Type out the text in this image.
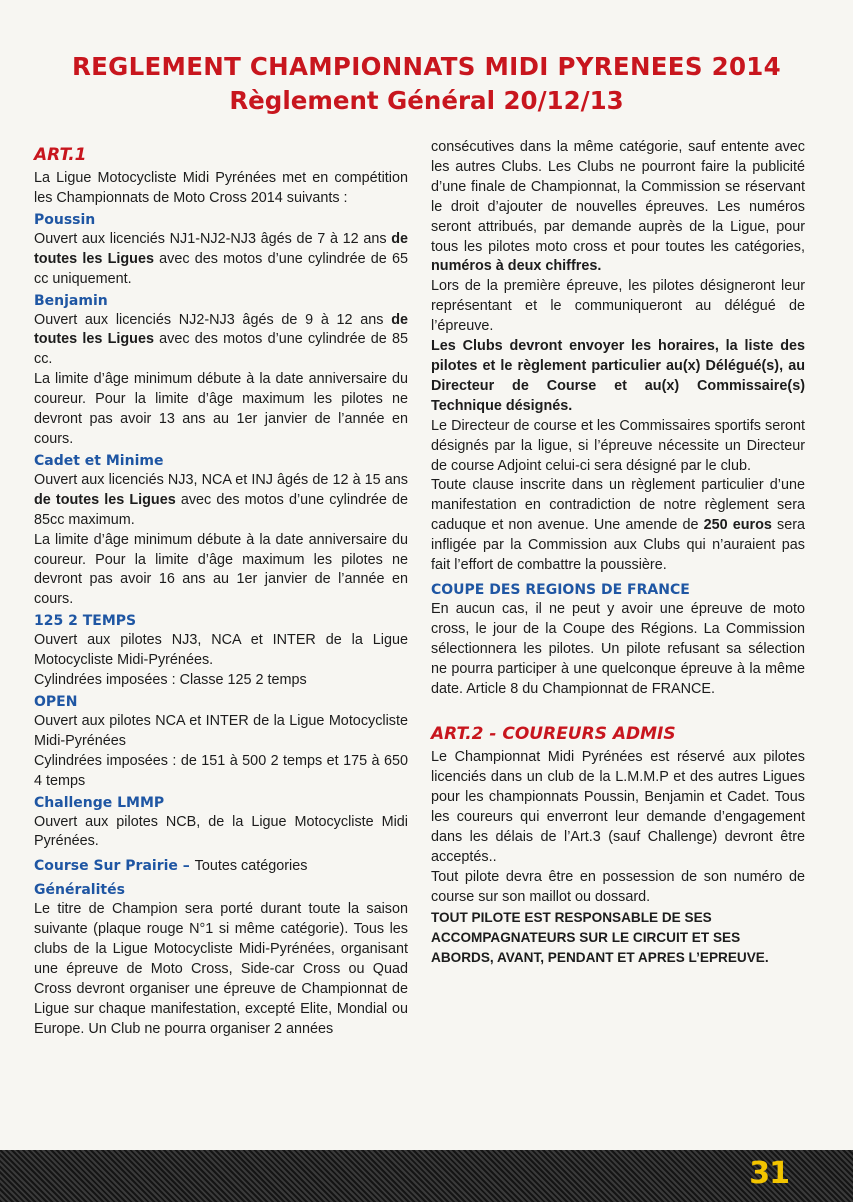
REGLEMENT CHAMPIONNATS MIDI PYRENEES 2014
Règlement Général 20/12/13
ART.1

La Ligue Motocycliste Midi Pyrénées met en compétition les Championnats de Moto Cross 2014 suivants :

Poussin

Ouvert aux licenciés NJ1-NJ2-NJ3 âgés de 7 à 12 ans de toutes les Ligues avec des motos d’une cylindrée de 65 cc uniquement.

Benjamin

Ouvert aux licenciés NJ2-NJ3 âgés de 9 à 12 ans de toutes les Ligues avec des motos d’une cylindrée de 85 cc.

La limite d’âge minimum débute à la date anniversaire du coureur. Pour la limite d’âge maximum les pilotes ne devront pas avoir 13 ans au 1er janvier de l’année en cours.

Cadet et Minime

Ouvert aux licenciés NJ3, NCA et INJ âgés de 12 à 15 ans de toutes les Ligues avec des motos d’une cylindrée de 85cc maximum.

La limite d’âge minimum débute à la date anniversaire du coureur. Pour la limite d’âge maximum les pilotes ne devront pas avoir 16 ans au 1er janvier de l’année en cours.

125 2 TEMPS

Ouvert aux pilotes NJ3, NCA et INTER de la Ligue Motocycliste Midi-Pyrénées.

Cylindrées imposées : Classe 125 2 temps

OPEN

Ouvert aux pilotes NCA et INTER de la Ligue Motocycliste Midi-Pyrénées

Cylindrées imposées : de 151 à 500 2 temps et 175 à 650 4 temps

Challenge LMMP

Ouvert aux pilotes NCB, de la Ligue Motocycliste Midi Pyrénées.

Course Sur Prairie – Toutes catégories
Généralités

Le titre de Champion sera porté durant toute la saison suivante (plaque rouge N°1 si même catégorie). Tous les clubs de la Ligue Motocycliste Midi-Pyrénées, organisant une épreuve de Moto Cross, Side-car Cross ou Quad Cross devront organiser une épreuve de Championnat de Ligue sur chaque manifestation, excepté Elite, Mondial ou Europe. Un Club ne pourra organiser 2 années

consécutives dans la même catégorie, sauf entente avec les autres Clubs. Les Clubs ne pourront faire la publicité d’une finale de Championnat, la Commission se réservant le droit d’ajouter de nouvelles épreuves. Les numéros seront attribués, par demande auprès de la Ligue, pour tous les pilotes moto cross et pour toutes les catégories, numéros à deux chiffres.

Lors de la première épreuve, les pilotes désigneront leur représentant et le communiqueront au délégué de l’épreuve.

Les Clubs devront envoyer les horaires, la liste des pilotes et le règlement particulier au(x) Délégué(s), au Directeur de Course et au(x) Commissaire(s) Technique désignés.

Le Directeur de course et les Commissaires sportifs seront désignés par la ligue, si l’épreuve nécessite un Directeur de course Adjoint celui-ci sera désigné par le club.

Toute clause inscrite dans un règlement particulier d’une manifestation en contradiction de notre règlement sera caduque et non avenue. Une amende de 250 euros sera infligée par la Commission aux Clubs qui n’auraient pas fait l’effort de combattre la poussière.

COUPE DES REGIONS DE FRANCE

En aucun cas, il ne peut y avoir une épreuve de moto cross, le jour de la Coupe des Régions. La Commission sélectionnera les pilotes. Un pilote refusant sa sélection ne pourra participer à une quelconque épreuve à la même date. Article 8 du Championnat de FRANCE.

ART.2 - COUREURS ADMIS

Le Championnat Midi Pyrénées est réservé aux pilotes licenciés dans un club de la L.M.M.P et des autres Ligues pour les championnats Poussin, Benjamin et Cadet. Tous les coureurs qui enverront leur demande d’engagement dans les délais de l’Art.3 (sauf Challenge) devront être acceptés..

Tout pilote devra être en possession de son numéro de course sur son maillot ou dossard.

TOUT PILOTE EST RESPONSABLE DE SES ACCOMPAGNATEURS SUR LE CIRCUIT ET SES ABORDS, AVANT, PENDANT ET APRES L’EPREUVE.

31
